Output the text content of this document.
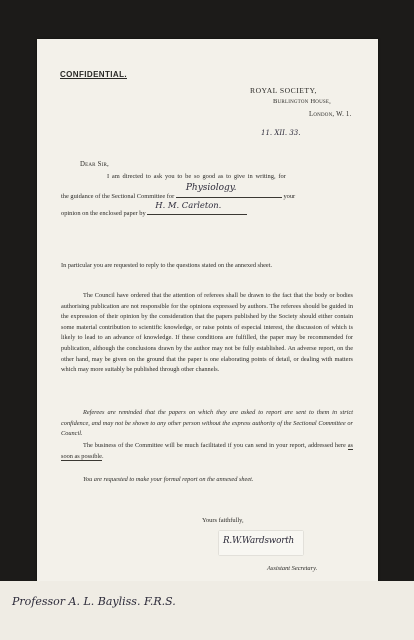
CONFIDENTIAL.
ROYAL SOCIETY,
Burlington House,
London, W. 1.
11. XII. 33.
Dear Sir,
I am directed to ask you to be so good as to give in writing, for
the guidance of the Sectional Committee for
Physiology.
your
opinion on the enclosed paper by
H. M. Carleton.

In particular you are requested to reply to the questions stated on the annexed sheet.

The Council have ordered that the attention of referees shall be drawn to the fact that the body or bodies authorising publication are not responsible for the opinions expressed by authors. The referees should be guided in the expression of their opinion by the consideration that the papers published by the Society should either contain some material contribution to scientific knowledge, or raise points of especial interest, the discussion of which is likely to lead to an advance of knowledge. If these conditions are fulfilled, the paper may be recommended for publication, although the conclusions drawn by the author may not be fully established. An adverse report, on the other hand, may be given on the ground that the paper is one elaborating points of detail, or dealing with matters which may more suitably be published through other channels.

Referees are reminded that the papers on which they are asked to report are sent to them in strict confidence, and may not be shown to any other person without the express authority of the Sectional Committee or Council.

The business of the Committee will be much facilitated if you can send in your report, addressed here as soon as possible.

You are requested to make your formal report on the annexed sheet.

Yours faithfully,
R.W.Wardsworth
Assistant Secretary.
Professor A. L. Bayliss. F.R.S.
